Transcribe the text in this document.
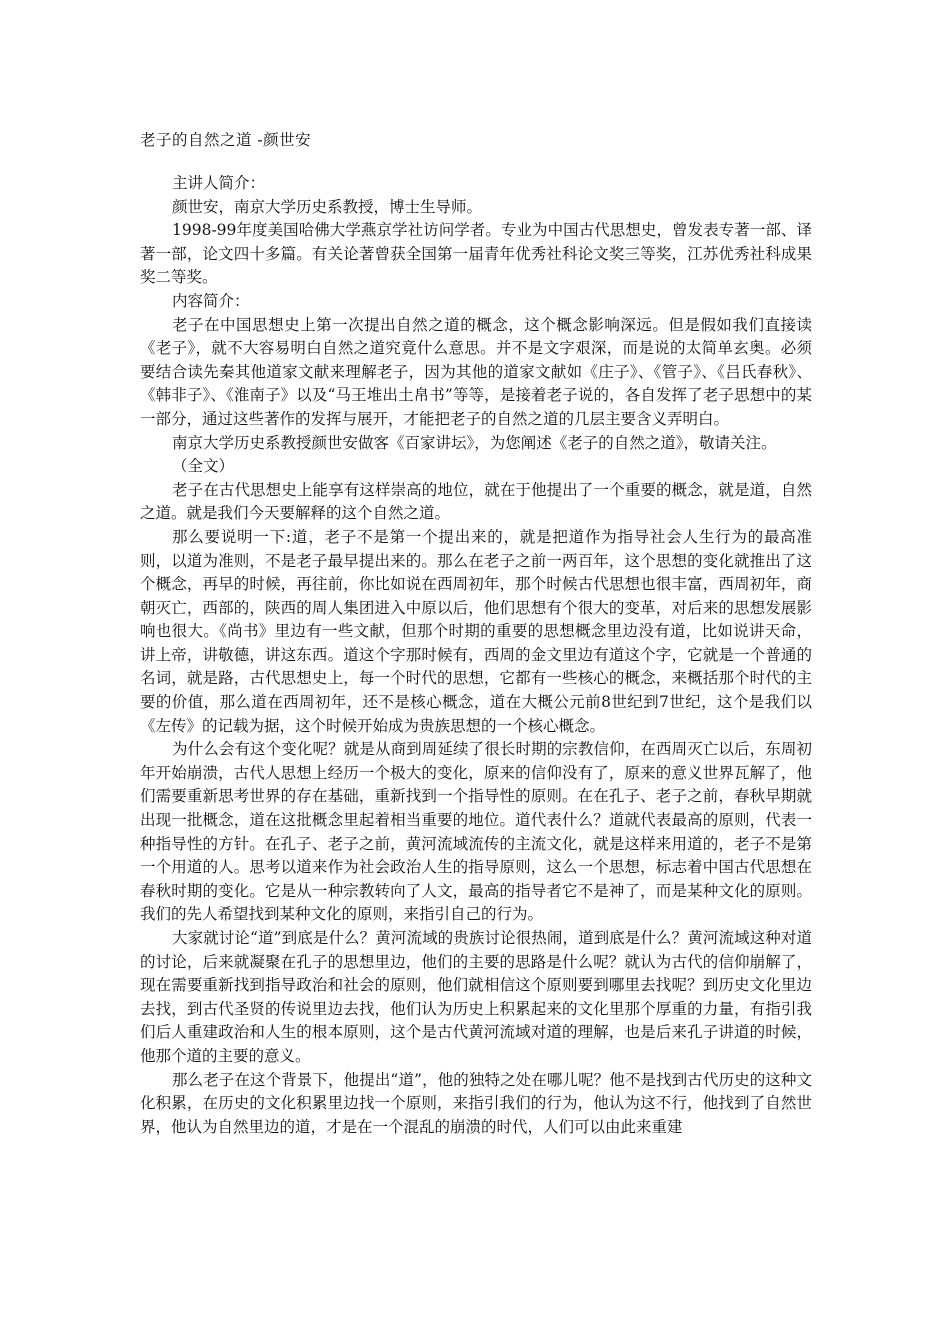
老子的自然之道 -颜世安

主讲人简介：

颜世安，南京大学历史系教授，博士生导师。

1998-99年度美国哈佛大学燕京学社访问学者。专业为中国古代思想史，曾发表专著一部、译著一部，论文四十多篇。有关论著曾获全国第一届青年优秀社科论文奖三等奖，江苏优秀社科成果奖二等奖。

内容简介：

老子在中国思想史上第一次提出自然之道的概念，这个概念影响深远。但是假如我们直接读《老子》，就不大容易明白自然之道究竟什么意思。并不是文字艰深，而是说的太简单玄奥。必须要结合读先秦其他道家文献来理解老子，因为其他的道家文献如《庄子》、《管子》、《吕氏春秋》、《韩非子》、《淮南子》以及“马王堆出土帛书”等等，是接着老子说的，各自发挥了老子思想中的某一部分，通过这些著作的发挥与展开，才能把老子的自然之道的几层主要含义弄明白。

南京大学历史系教授颜世安做客《百家讲坛》，为您阐述《老子的自然之道》，敬请关注。

（全文）

老子在古代思想史上能享有这样崇高的地位，就在于他提出了一个重要的概念，就是道，自然之道。就是我们今天要解释的这个自然之道。

那么要说明一下:道，老子不是第一个提出来的，就是把道作为指导社会人生行为的最高准则，以道为准则，不是老子最早提出来的。那么在老子之前一两百年，这个思想的变化就推出了这个概念，再早的时候，再往前，你比如说在西周初年，那个时候古代思想也很丰富，西周初年，商朝灭亡，西部的，陕西的周人集团进入中原以后，他们思想有个很大的变革，对后来的思想发展影响也很大。《尚书》里边有一些文献，但那个时期的重要的思想概念里边没有道，比如说讲天命，讲上帝，讲敬德，讲这东西。道这个字那时候有，西周的金文里边有道这个字，它就是一个普通的名词，就是路，古代思想史上，每一个时代的思想，它都有一些核心的概念，来概括那个时代的主要的价值，那么道在西周初年，还不是核心概念，道在大概公元前8世纪到7世纪，这个是我们以《左传》的记载为据，这个时候开始成为贵族思想的一个核心概念。

为什么会有这个变化呢？就是从商到周延续了很长时期的宗教信仰，在西周灭亡以后，东周初年开始崩溃，古代人思想上经历一个极大的变化，原来的信仰没有了，原来的意义世界瓦解了，他们需要重新思考世界的存在基础，重新找到一个指导性的原则。在在孔子、老子之前，春秋早期就出现一批概念，道在这批概念里起着相当重要的地位。道代表什么？道就代表最高的原则，代表一种指导性的方针。在孔子、老子之前，黄河流域流传的主流文化，就是这样来用道的，老子不是第一个用道的人。思考以道来作为社会政治人生的指导原则，这么一个思想，标志着中国古代思想在春秋时期的变化。它是从一种宗教转向了人文，最高的指导者它不是神了，而是某种文化的原则。我们的先人希望找到某种文化的原则，来指引自己的行为。

大家就讨论“道”到底是什么？黄河流域的贵族讨论很热闹，道到底是什么？黄河流域这种对道的讨论，后来就凝聚在孔子的思想里边，他们的主要的思路是什么呢？就认为古代的信仰崩解了，现在需要重新找到指导政治和社会的原则，他们就相信这个原则要到哪里去找呢？到历史文化里边去找，到古代圣贤的传说里边去找，他们认为历史上积累起来的文化里那个厚重的力量，有指引我们后人重建政治和人生的根本原则，这个是古代黄河流域对道的理解，也是后来孔子讲道的时候，他那个道的主要的意义。

那么老子在这个背景下，他提出“道”，他的独特之处在哪儿呢？他不是找到古代历史的这种文化积累，在历史的文化积累里边找一个原则，来指引我们的行为，他认为这不行，他找到了自然世界，他认为自然里边的道，才是在一个混乱的崩溃的时代，人们可以由此来重建
